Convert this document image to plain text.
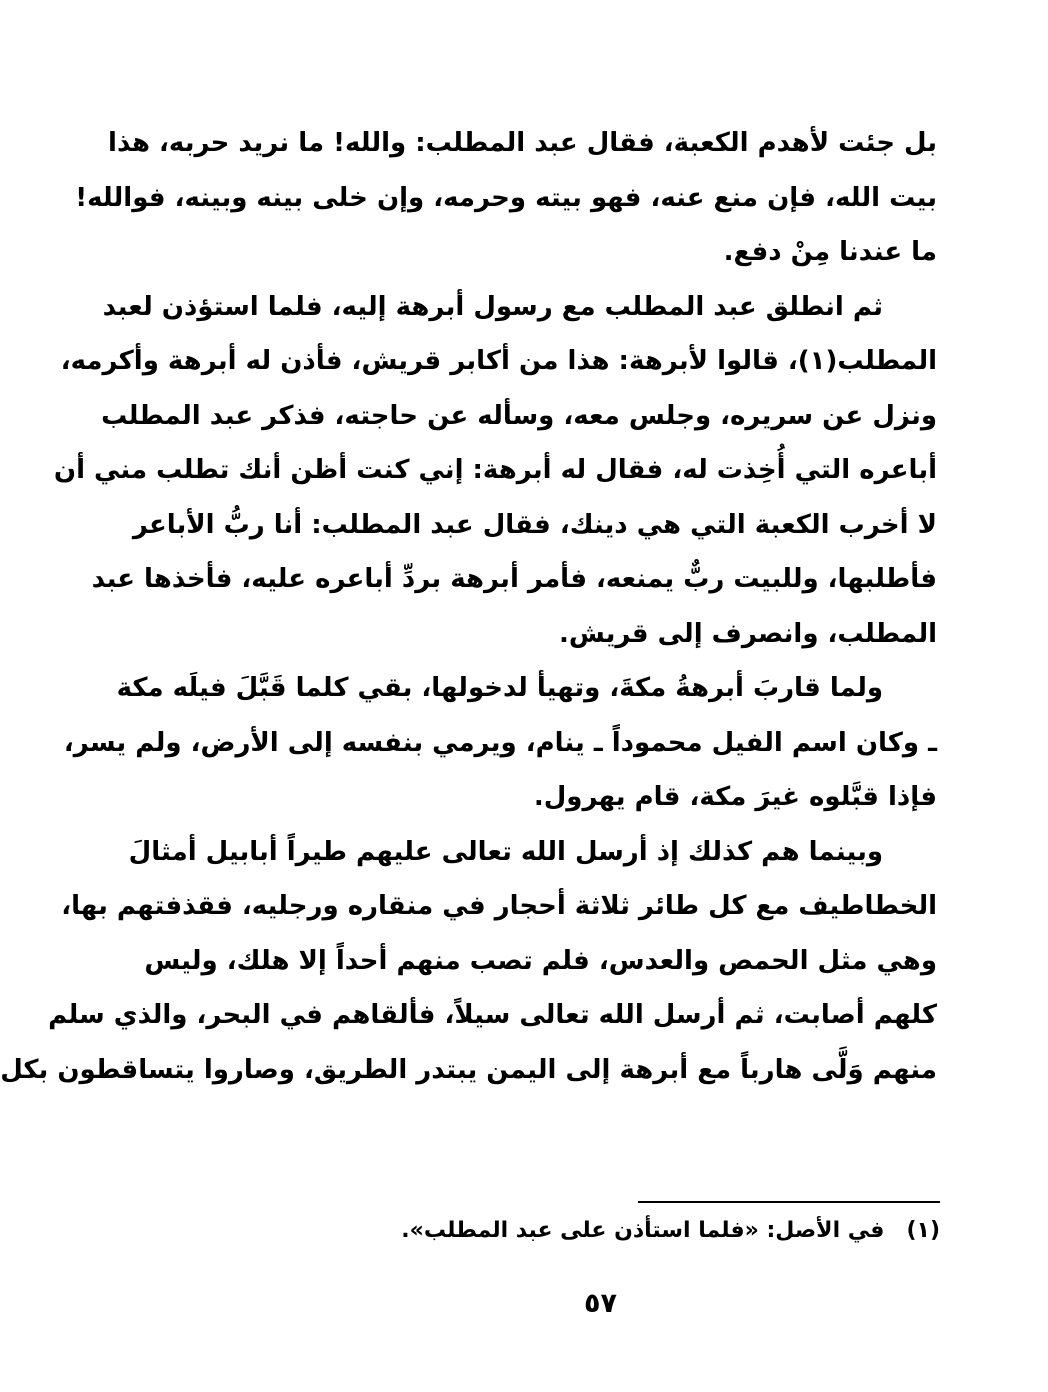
بل جئت لأهدم الكعبة، فقال عبد المطلب: والله! ما نريد حربه، هذا
بيت الله، فإن منع عنه، فهو بيته وحرمه، وإن خلى بينه وبينه، فوالله!
ما عندنا مِنْ دفع.
ثم انطلق عبد المطلب مع رسول أبرهة إليه، فلما استؤذن لعبد
المطلب(١)، قالوا لأبرهة: هذا من أكابر قريش، فأذن له أبرهة وأكرمه،
ونزل عن سريره، وجلس معه، وسأله عن حاجته، فذكر عبد المطلب
أباعره التي أُخِذت له، فقال له أبرهة: إني كنت أظن أنك تطلب مني أن
لا أخرب الكعبة التي هي دينك، فقال عبد المطلب: أنا ربُّ الأباعر
فأطلبها، وللبيت ربٌّ يمنعه، فأمر أبرهة بردِّ أباعره عليه، فأخذها عبد
المطلب، وانصرف إلى قريش.
ولما قاربَ أبرهةُ مكةَ، وتهيأ لدخولها، بقي كلما قَبَّلَ فيلَه مكة
ـ وكان اسم الفيل محموداً ـ ينام، ويرمي بنفسه إلى الأرض، ولم يسر،
فإذا قبَّلوه غيرَ مكة، قام يهرول.
وبينما هم كذلك إذ أرسل الله تعالى عليهم طيراً أبابيل أمثالَ
الخطاطيف مع كل طائر ثلاثة أحجار في منقاره ورجليه، فقذفتهم بها،
وهي مثل الحمص والعدس، فلم تصب منهم أحداً إلا هلك، وليس
كلهم أصابت، ثم أرسل الله تعالى سيلاً، فألقاهم في البحر، والذي سلم
منهم وَلَّى هارباً مع أبرهة إلى اليمن يبتدر الطريق، وصاروا يتساقطون بكل
(١)في الأصل: «فلما استأذن على عبد المطلب».
٥٧
